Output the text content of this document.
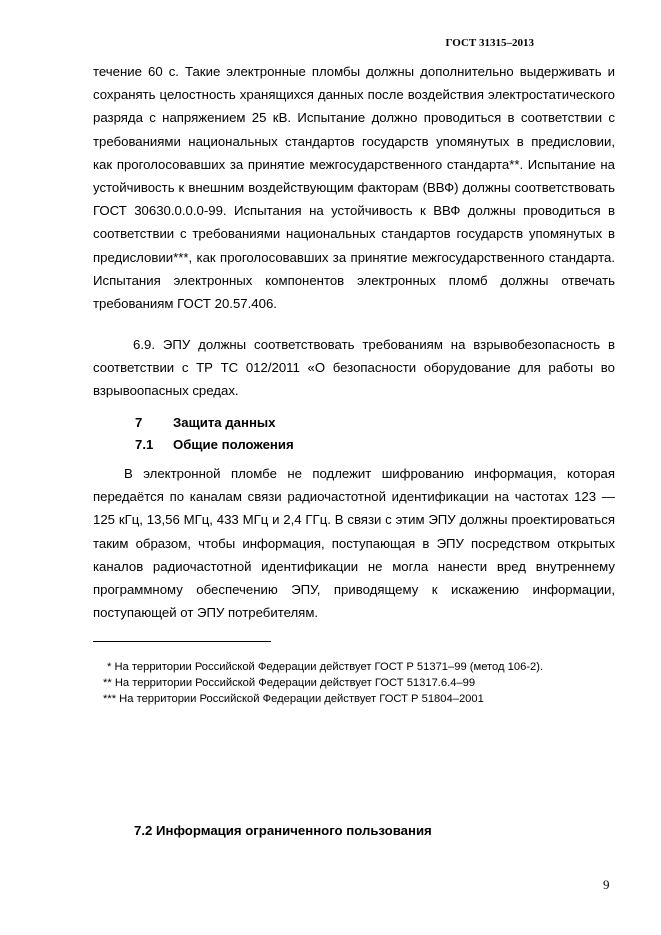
ГОСТ 31315–2013
течение 60 с. Такие электронные пломбы должны дополнительно выдерживать и сохранять целостность хранящихся данных после воздействия электростатического разряда с напряжением 25 кВ. Испытание должно проводиться в соответствии с требованиями национальных стандартов государств упомянутых в предисловии, как проголосовавших за принятие межгосударственного стандарта**. Испытание на устойчивость к внешним воздействующим факторам (ВВФ) должны соответствовать ГОСТ 30630.0.0.0-99. Испытания на устойчивость к ВВФ должны проводиться в соответствии с требованиями национальных стандартов государств упомянутых в предисловии***, как проголосовавших за принятие межгосударственного стандарта. Испытания электронных компонентов электронных пломб должны отвечать требованиям ГОСТ 20.57.406.
6.9. ЭПУ должны соответствовать требованиям на взрывобезопасность в соответствии с ТР ТС 012/2011 «О безопасности оборудование для работы во взрывоопасных средах.
7 Защита данных
7.1 Общие положения
В электронной пломбе не подлежит шифрованию информация, которая передаётся по каналам связи радиочастотной идентификации на частотах 123 — 125 кГц, 13,56 МГц, 433 МГц и 2,4 ГГц. В связи с этим ЭПУ должны проектироваться таким образом, чтобы информация, поступающая в ЭПУ посредством открытых каналов радиочастотной идентификации не могла нанести вред внутреннему программному обеспечению ЭПУ, приводящему к искажению информации, поступающей от ЭПУ потребителям.
* На территории Российской Федерации действует ГОСТ Р 51371–99 (метод 106-2).
** На территории Российской Федерации действует ГОСТ 51317.6.4–99
*** На территории Российской Федерации действует ГОСТ Р 51804–2001
7.2 Информация ограниченного пользования
9
